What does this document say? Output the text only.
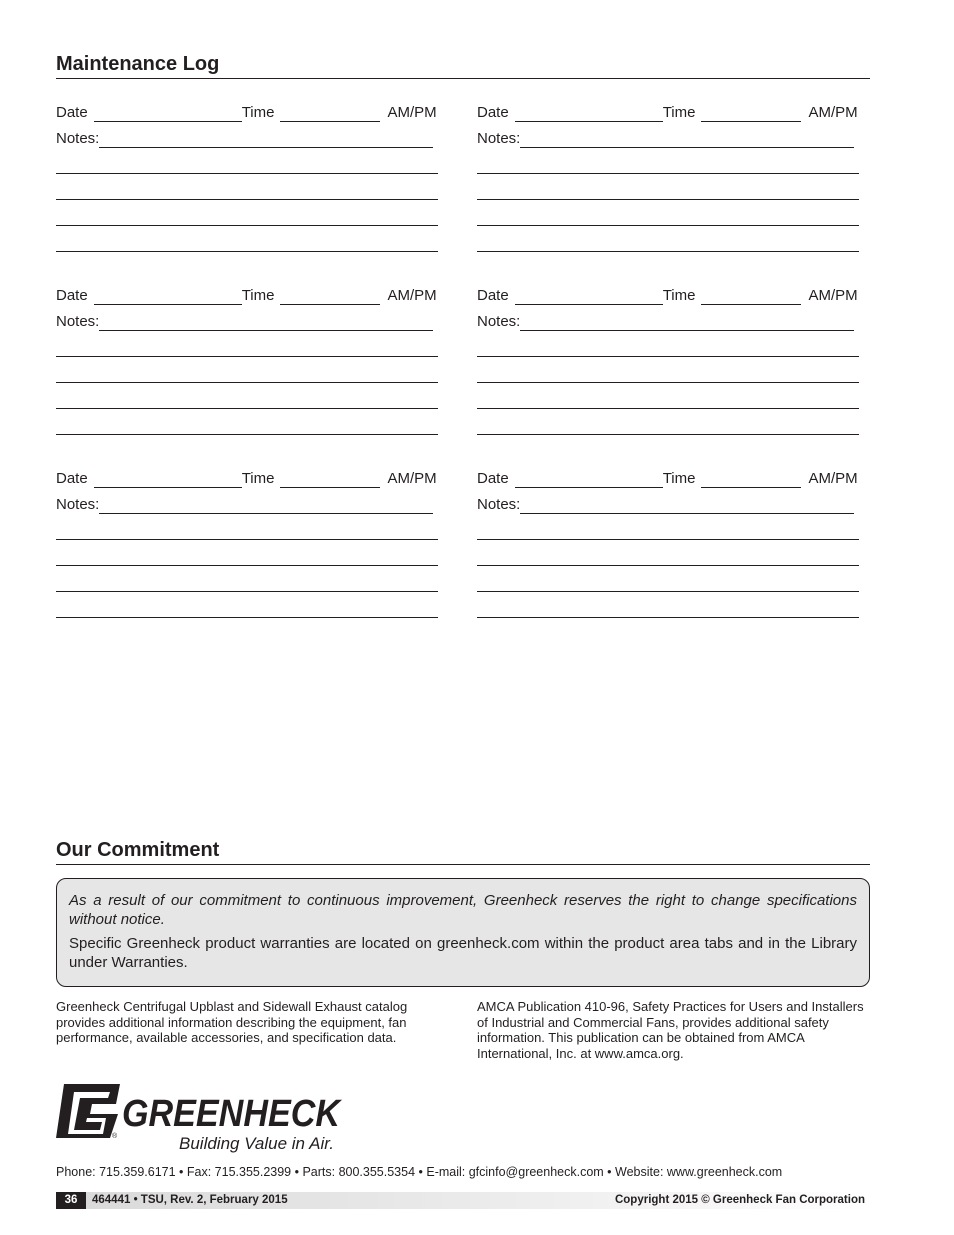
Maintenance Log
Date	Time	AM/PM
Notes:
Date	Time	AM/PM
Notes:
Date	Time	AM/PM
Notes:
Date	Time	AM/PM
Notes:
Date	Time	AM/PM
Notes:
Date	Time	AM/PM
Notes:
Our Commitment

As a result of our commitment to continuous improvement, Greenheck reserves the right to change specifications without notice.

Specific Greenheck product warranties are located on greenheck.com within the product area tabs and in the Library under Warranties.

Greenheck Centrifugal Upblast and Sidewall Exhaust catalog provides additional information describing the equipment, fan performance, available accessories, and specification data.
AMCA Publication 410-96, Safety Practices for Users and Installers of Industrial and Commercial Fans, provides additional safety information. This publication can be obtained from AMCA International, Inc. at www.amca.org.
GREENHECK
®	Building Value in Air.
Phone: 715.359.6171 • Fax: 715.355.2399 • Parts: 800.355.5354 • E-mail: gfcinfo@greenheck.com • Website: www.greenheck.com
36	464441 • TSU, Rev. 2, February 2015	Copyright 2015 © Greenheck Fan Corporation
